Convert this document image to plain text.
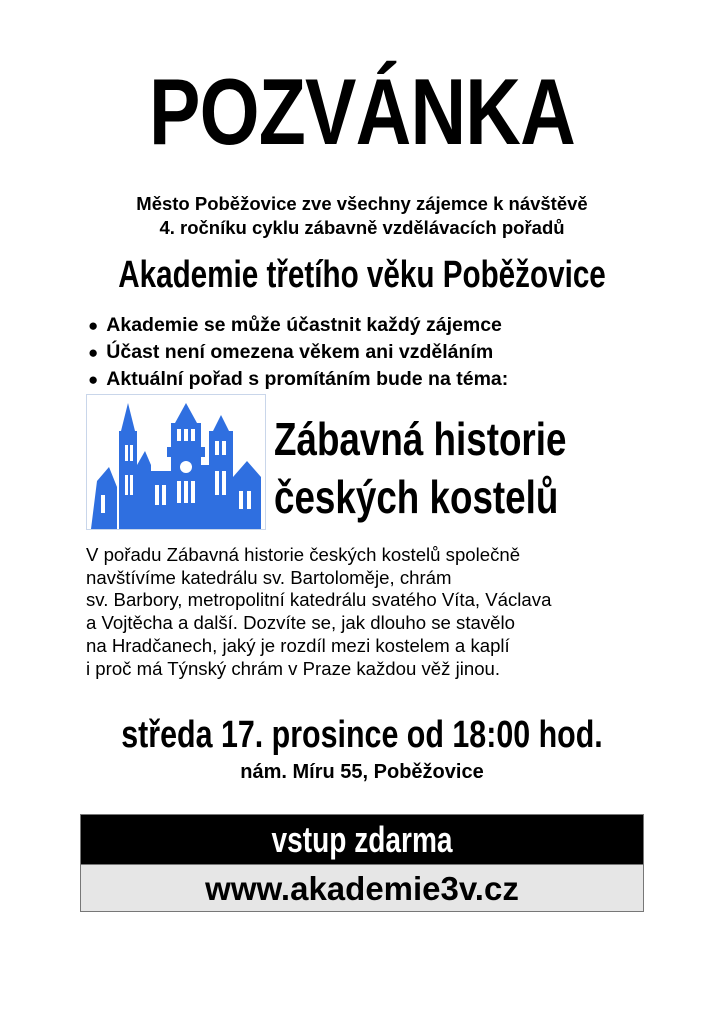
POZVÁNKA
Město Poběžovice zve všechny zájemce k návštěvě
4. ročníku cyklu zábavně vzdělávacích pořadů
Akademie třetího věku Poběžovice
● Akademie se může účastnit každý zájemce
● Účast není omezena věkem ani vzděláním
● Aktuální pořad s promítáním bude na téma:
Zábavná historie
českých kostelů
V pořadu Zábavná historie českých kostelů společně
navštívíme katedrálu sv. Bartoloměje, chrám
sv. Barbory, metropolitní katedrálu svatého Víta, Václava
a Vojtěcha a další. Dozvíte se, jak dlouho se stavělo
na Hradčanech, jaký je rozdíl mezi kostelem a kaplí
i proč má Týnský chrám v Praze každou věž jinou.
středa 17. prosince od 18:00 hod.
nám. Míru 55, Poběžovice
vstup zdarma
www.akademie3v.cz
